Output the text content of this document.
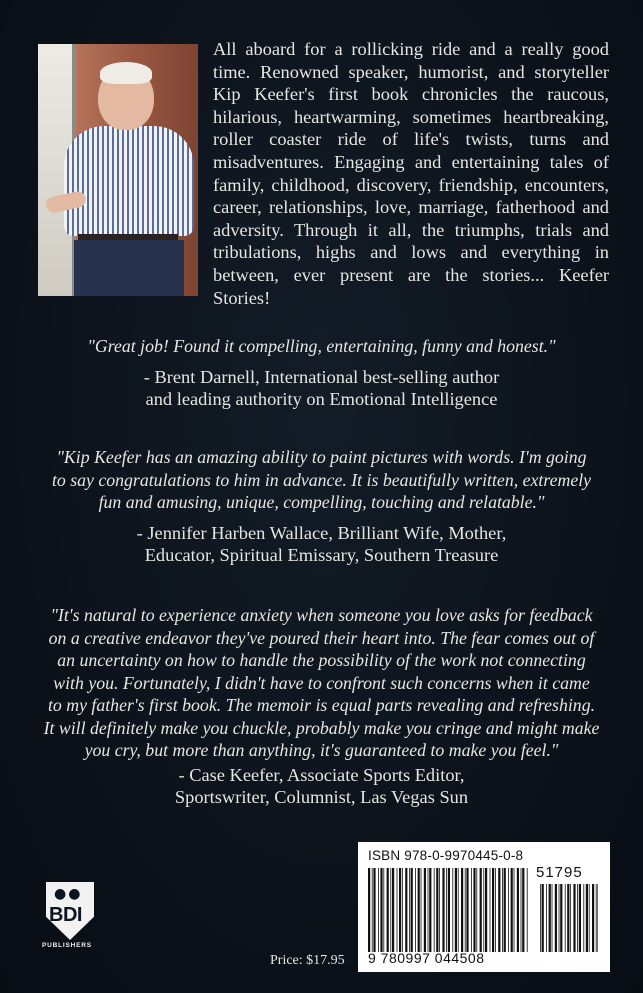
All aboard for a rollicking ride and a really good time. Renowned speaker, humorist, and storyteller Kip Keefer's first book chronicles the raucous, hilarious, heartwarming, sometimes heartbreaking, roller coaster ride of life's twists, turns and misadventures. Engaging and entertaining tales of family, childhood, discovery, friendship, encounters, career, relationships, love, marriage, fatherhood and adversity. Through it all, the triumphs, trials and tribulations, highs and lows and everything in between, ever present are the stories... Keefer Stories!

"Great job! Found it compelling, entertaining, funny and honest."

- Brent Darnell, International best-selling author
and leading authority on Emotional Intelligence

"Kip Keefer has an amazing ability to paint pictures with words. I'm going
to say congratulations to him in advance. It is beautifully written, extremely
fun and amusing, unique, compelling, touching and relatable."

- Jennifer Harben Wallace, Brilliant Wife, Mother,
Educator, Spiritual Emissary, Southern Treasure

"It's natural to experience anxiety when someone you love asks for feedback
on a creative endeavor they've poured their heart into. The fear comes out of
an uncertainty on how to handle the possibility of the work not connecting
with you. Fortunately, I didn't have to confront such concerns when it came
to my father's first book. The memoir is equal parts revealing and refreshing.
It will definitely make you chuckle, probably make you cringe and might make
you cry, but more than anything, it's guaranteed to make you feel."

- Case Keefer, Associate Sports Editor,
Sportswriter, Columnist, Las Vegas Sun

●●
BDI
PUBLISHERS
Price: $17.95
ISBN 978-0-9970445-0-8
51795
9 780997 044508
